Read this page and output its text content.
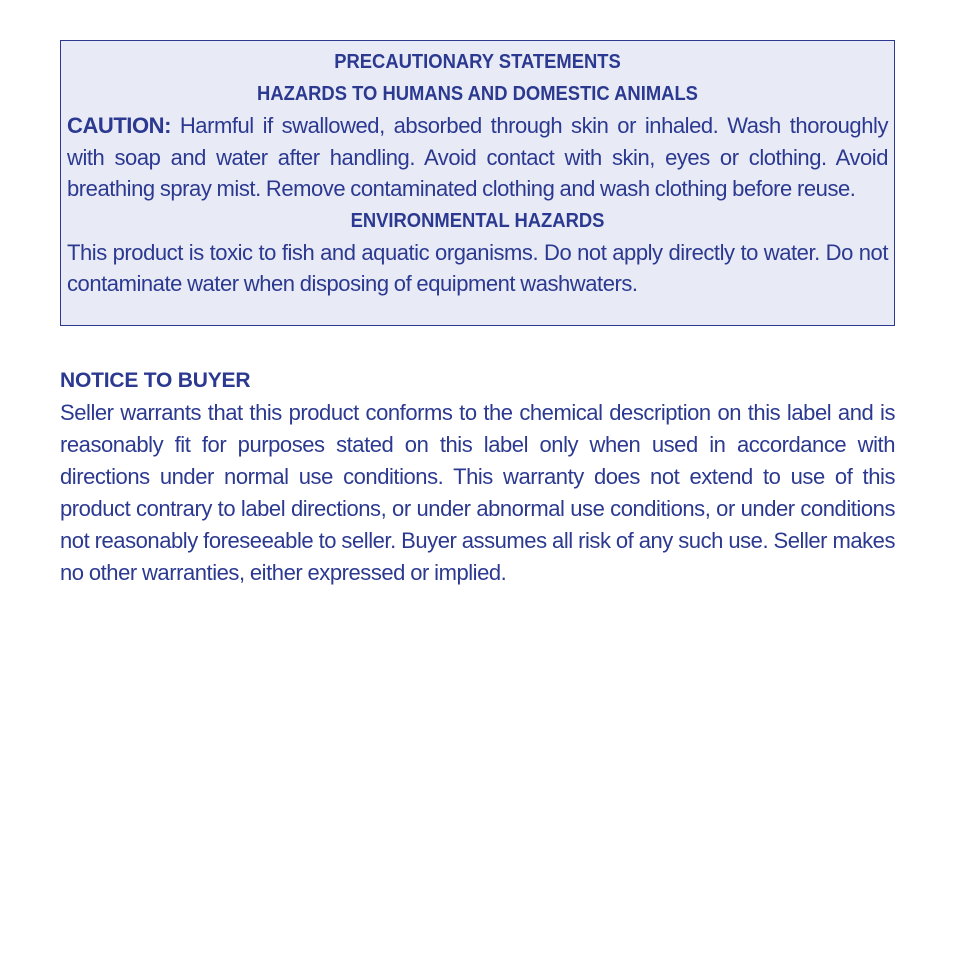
PRECAUTIONARY STATEMENTS
HAZARDS TO HUMANS AND DOMESTIC ANIMALS

CAUTION: Harmful if swallowed, absorbed through skin or inhaled. Wash thoroughly with soap and water after handling. Avoid contact with skin, eyes or clothing. Avoid breathing spray mist. Remove contaminated clothing and wash clothing before reuse.

ENVIRONMENTAL HAZARDS

This product is toxic to fish and aquatic organisms. Do not apply directly to water. Do not contaminate water when disposing of equipment washwaters.

NOTICE TO BUYER

Seller warrants that this product conforms to the chemical description on this label and is reasonably fit for purposes stated on this label only when used in accordance with directions under normal use conditions. This warranty does not extend to use of this product contrary to label directions, or under abnormal use conditions, or under conditions not reasonably foreseeable to seller. Buyer assumes all risk of any such use. Seller makes no other warranties, either expressed or implied.
